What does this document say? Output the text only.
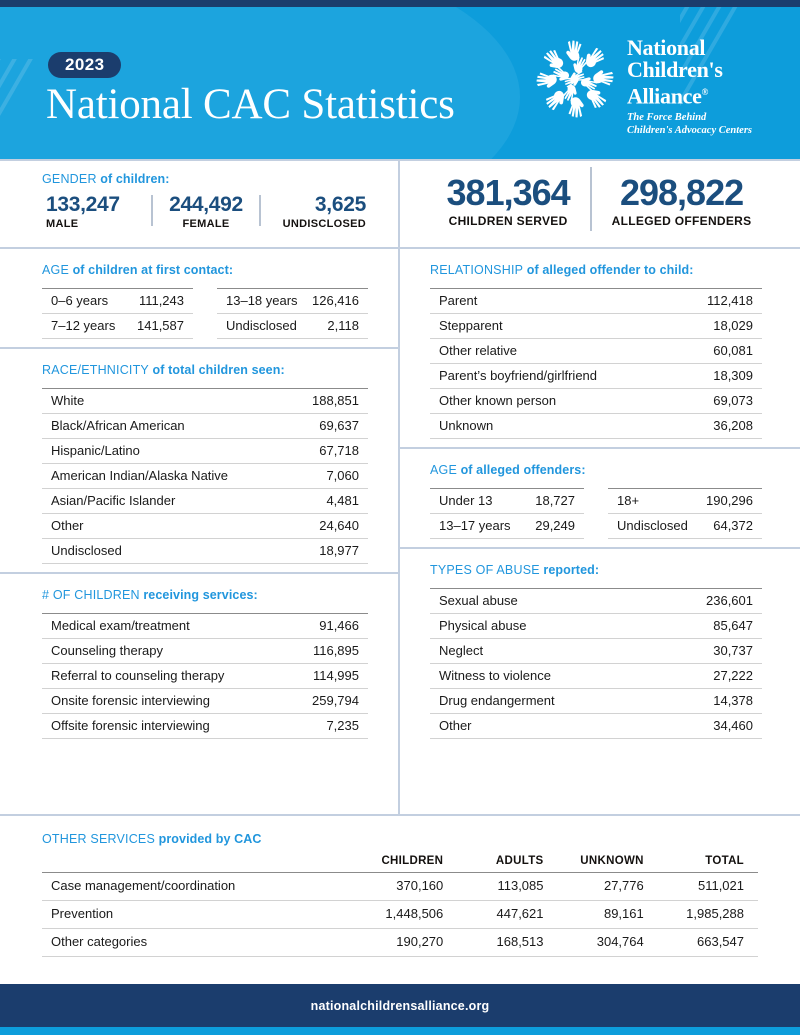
2023
National CAC Statistics
National
Children's
Alliance®
The Force Behind
Children's Advocacy Centers
GENDER of children:
133,247
MALE
244,492
FEMALE
3,625
UNDISCLOSED
381,364
CHILDREN SERVED
298,822
ALLEGED OFFENDERS
AGE of children at first contact:
0–6 years	111,243
7–12 years	141,587
13–18 years	126,416
Undisclosed	2,118
RACE/ETHNICITY of total children seen:
White	188,851
Black/African American	69,637
Hispanic/Latino	67,718
American Indian/Alaska Native	7,060
Asian/Pacific Islander	4,481
Other	24,640
Undisclosed	18,977
# OF CHILDREN receiving services:
Medical exam/treatment	91,466
Counseling therapy	116,895
Referral to counseling therapy	114,995
Onsite forensic interviewing	259,794
Offsite forensic interviewing	7,235
RELATIONSHIP of alleged offender to child:
Parent	112,418
Stepparent	18,029
Other relative	60,081
Parent’s boyfriend/girlfriend	18,309
Other known person	69,073
Unknown	36,208
AGE of alleged offenders:
Under 13	18,727
13–17 years	29,249
18+	190,296
Undisclosed	64,372
TYPES OF ABUSE reported:
Sexual abuse	236,601
Physical abuse	85,647
Neglect	30,737
Witness to violence	27,222
Drug endangerment	14,378
Other	34,460
OTHER SERVICES provided by CAC
	CHILDREN	ADULTS	UNKNOWN	TOTAL
Case management/coordination	370,160	113,085	27,776	511,021
Prevention	1,448,506	447,621	89,161	1,985,288
Other categories	190,270	168,513	304,764	663,547
nationalchildrensalliance.org
